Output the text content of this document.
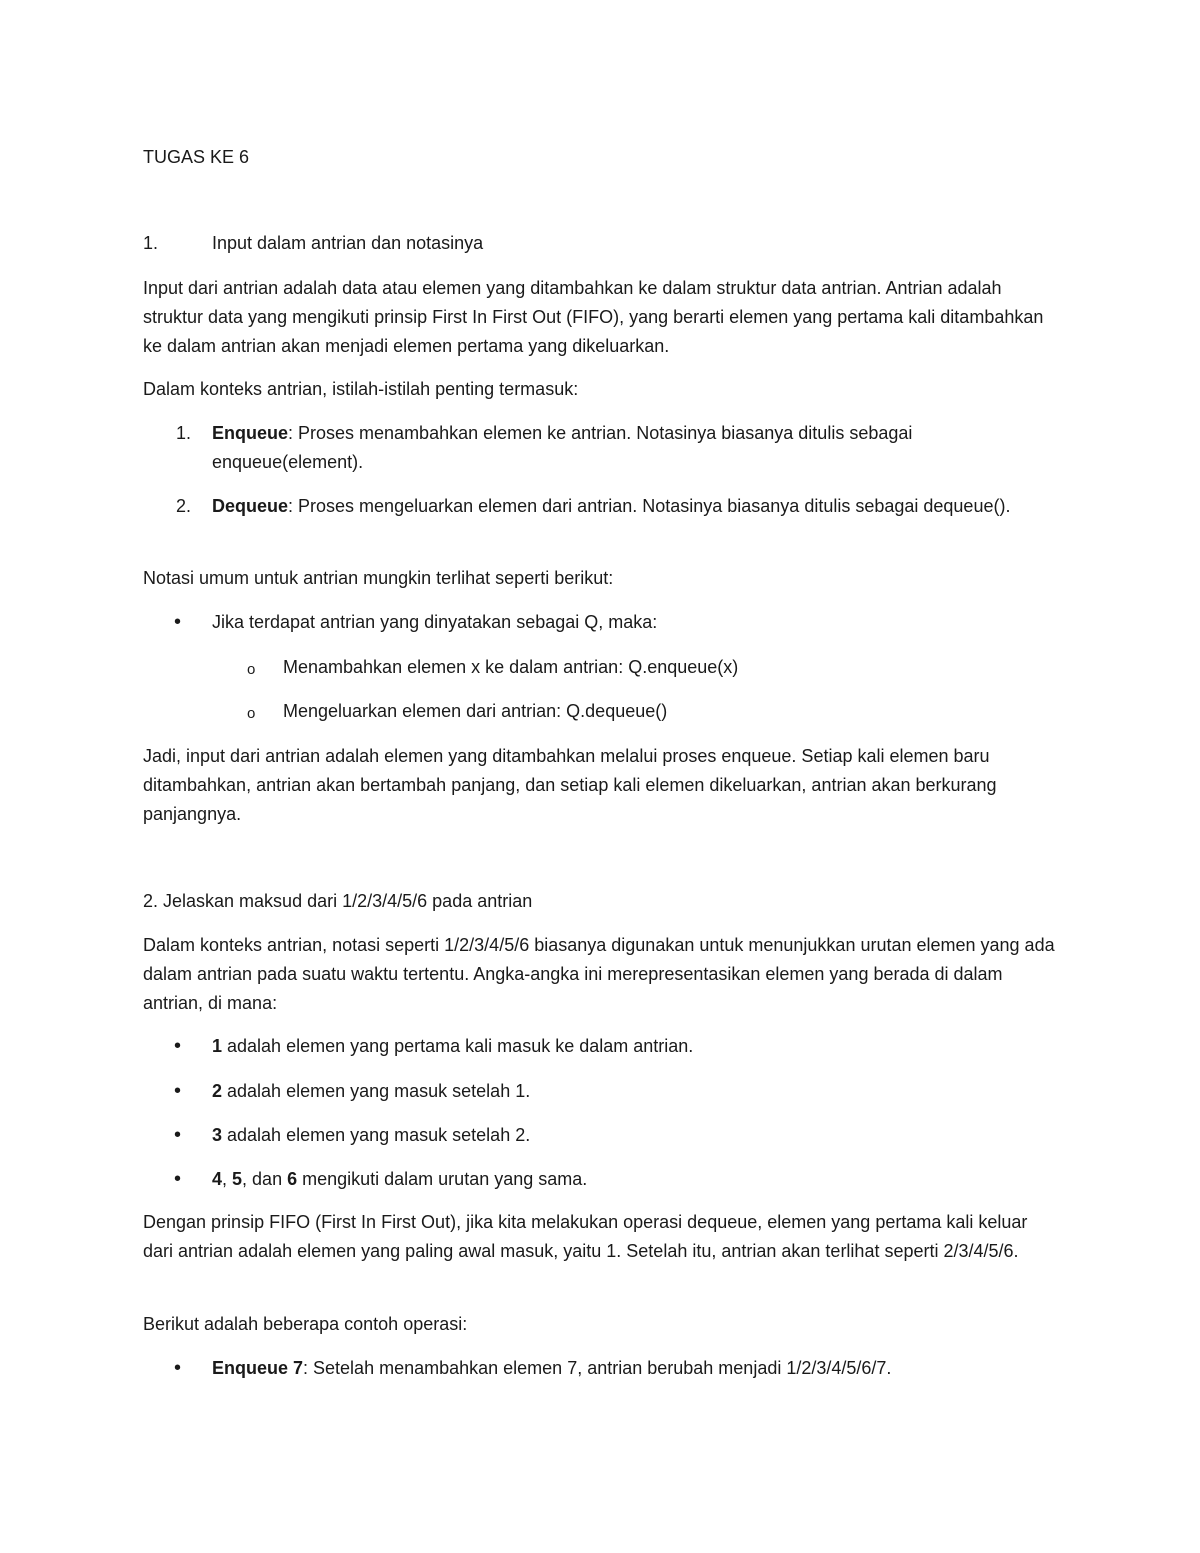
TUGAS KE 6
1.	Input dalam antrian dan notasinya

Input dari antrian adalah data atau elemen yang ditambahkan ke dalam struktur data antrian. Antrian adalah struktur data yang mengikuti prinsip First In First Out (FIFO), yang berarti elemen yang pertama kali ditambahkan ke dalam antrian akan menjadi elemen pertama yang dikeluarkan.

Dalam konteks antrian, istilah-istilah penting termasuk:

1. Enqueue: Proses menambahkan elemen ke antrian. Notasinya biasanya ditulis sebagai enqueue(element).
2. Dequeue: Proses mengeluarkan elemen dari antrian. Notasinya biasanya ditulis sebagai dequeue().

Notasi umum untuk antrian mungkin terlihat seperti berikut:

• Jika terdapat antrian yang dinyatakan sebagai Q, maka:
o Menambahkan elemen x ke dalam antrian: Q.enqueue(x)
o Mengeluarkan elemen dari antrian: Q.dequeue()

Jadi, input dari antrian adalah elemen yang ditambahkan melalui proses enqueue. Setiap kali elemen baru ditambahkan, antrian akan bertambah panjang, dan setiap kali elemen dikeluarkan, antrian akan berkurang panjangnya.

2. Jelaskan maksud dari 1/2/3/4/5/6 pada antrian

Dalam konteks antrian, notasi seperti 1/2/3/4/5/6 biasanya digunakan untuk menunjukkan urutan elemen yang ada dalam antrian pada suatu waktu tertentu. Angka-angka ini merepresentasikan elemen yang berada di dalam antrian, di mana:

• 1 adalah elemen yang pertama kali masuk ke dalam antrian.
• 2 adalah elemen yang masuk setelah 1.
• 3 adalah elemen yang masuk setelah 2.
• 4, 5, dan 6 mengikuti dalam urutan yang sama.

Dengan prinsip FIFO (First In First Out), jika kita melakukan operasi dequeue, elemen yang pertama kali keluar dari antrian adalah elemen yang paling awal masuk, yaitu 1. Setelah itu, antrian akan terlihat seperti 2/3/4/5/6.

Berikut adalah beberapa contoh operasi:

• Enqueue 7: Setelah menambahkan elemen 7, antrian berubah menjadi 1/2/3/4/5/6/7.
